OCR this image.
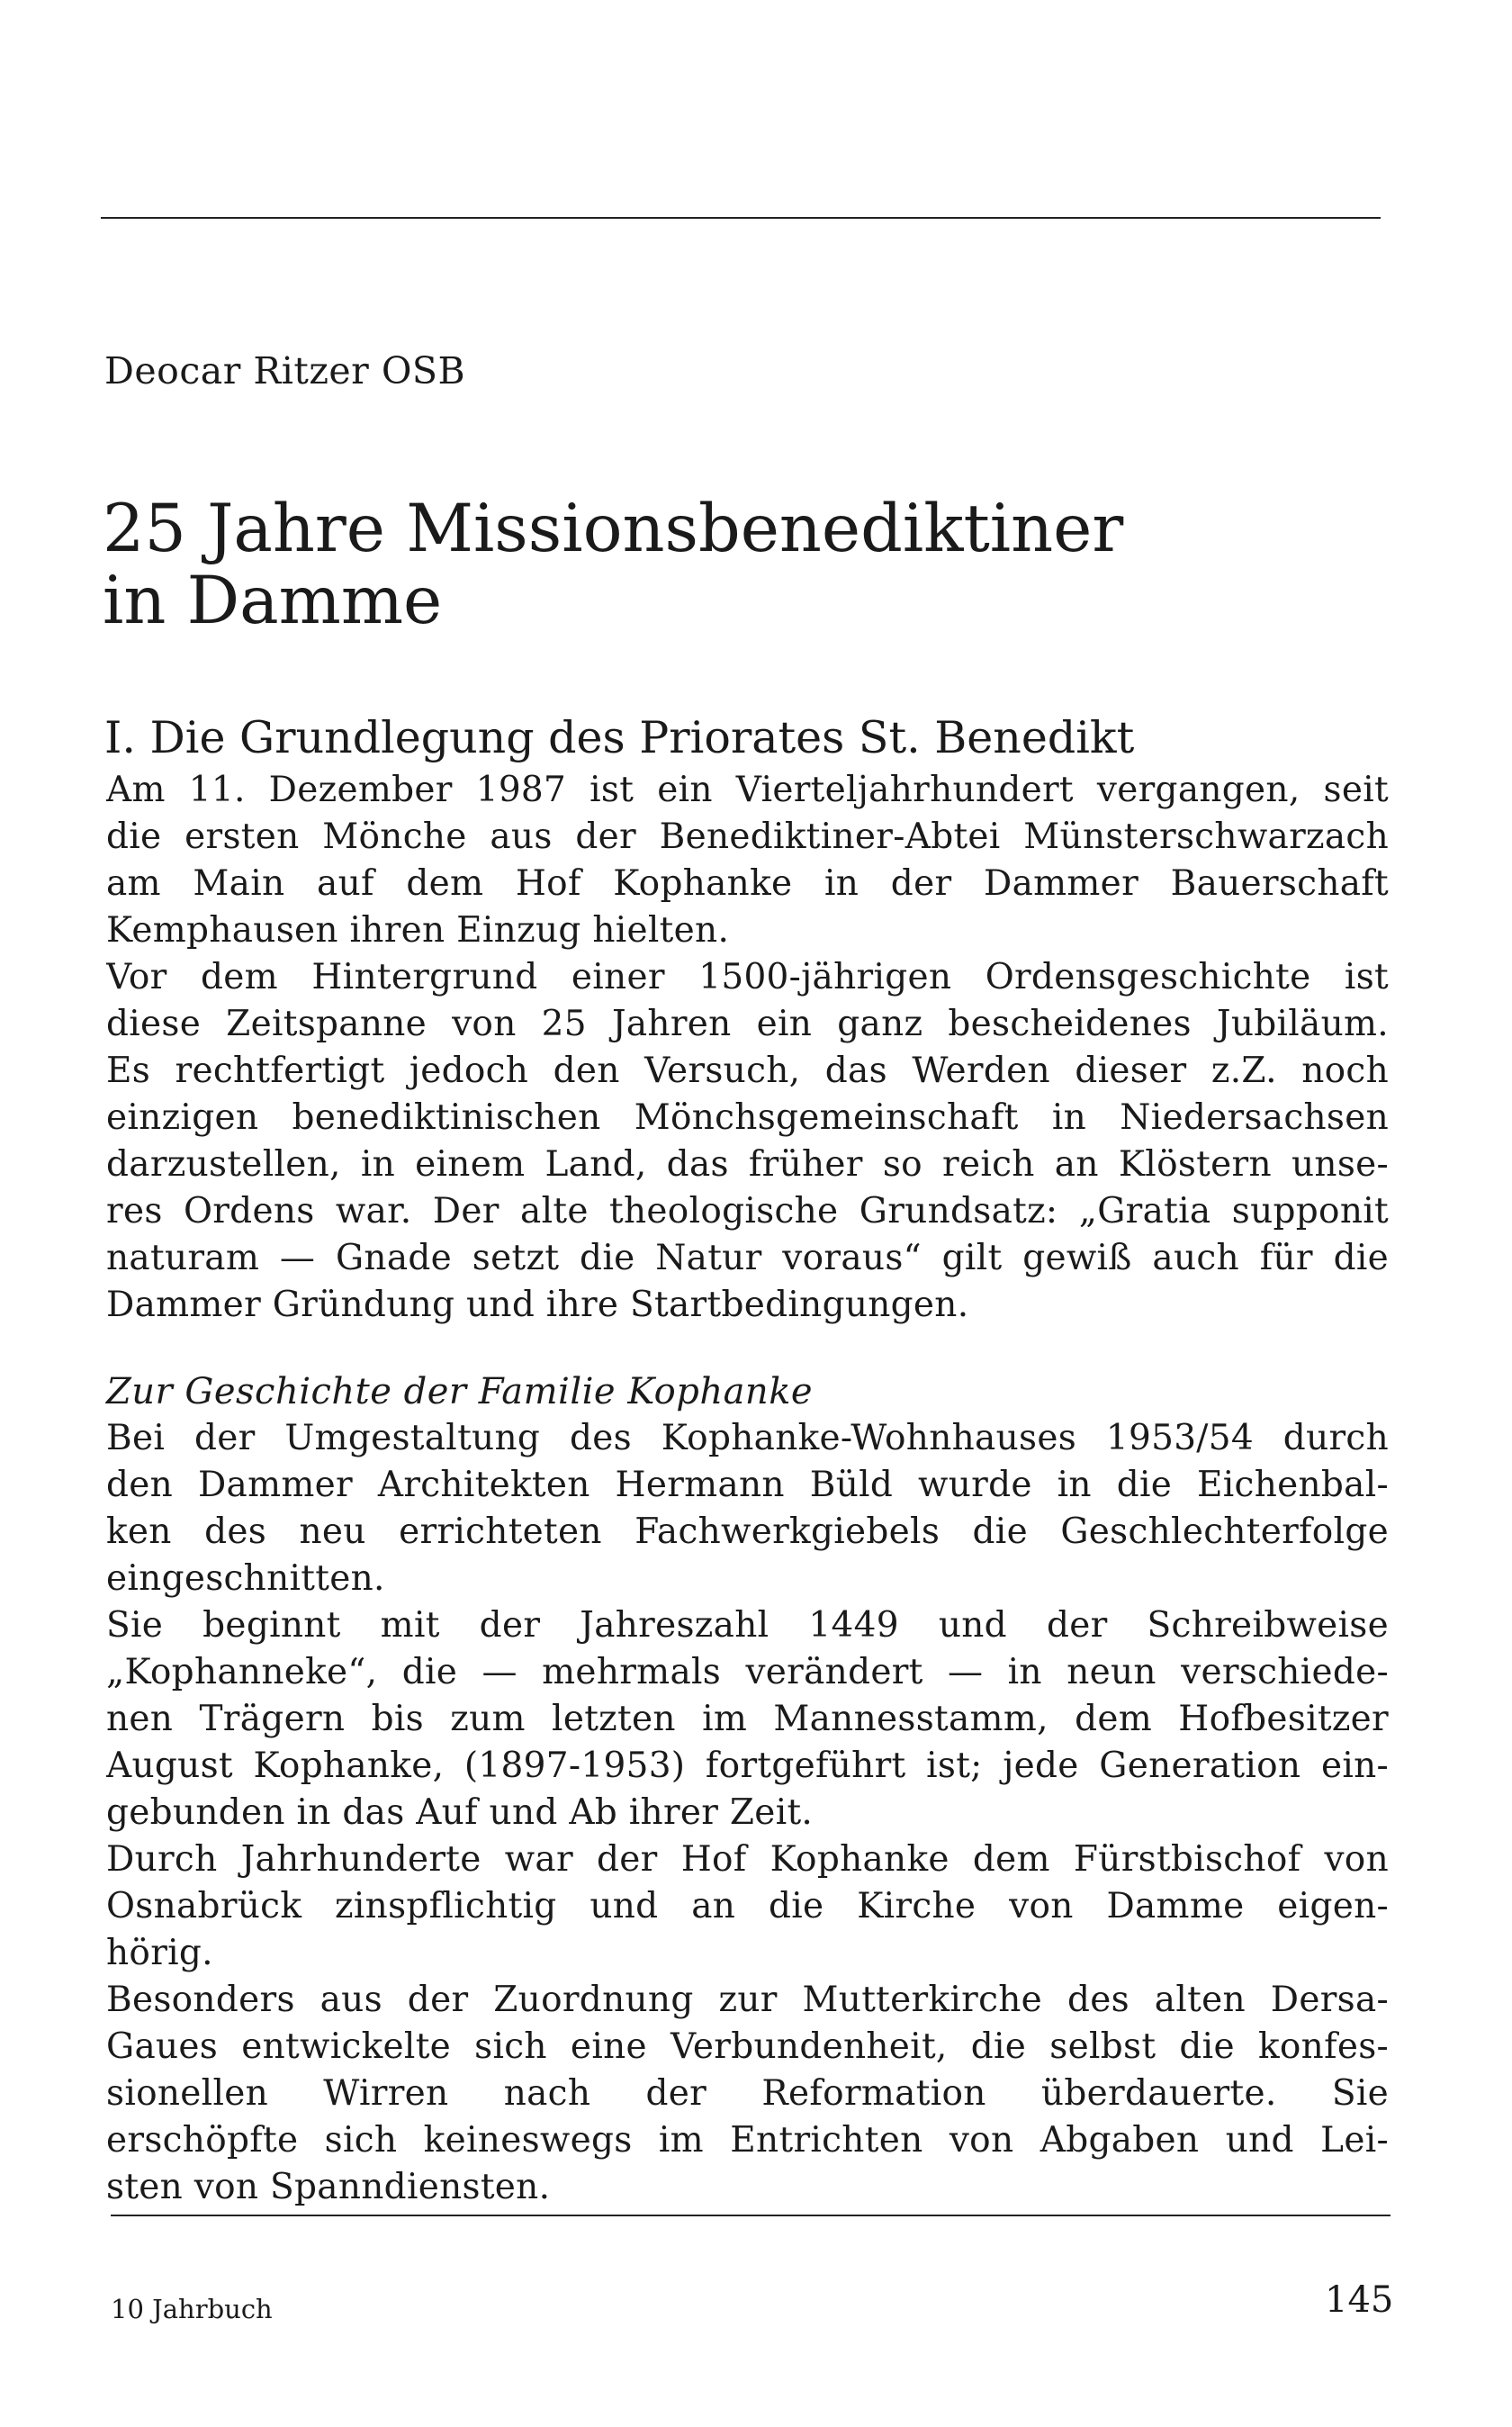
Deocar Ritzer OSB
25 Jahre Missionsbenediktiner
in Damme
I. Die Grundlegung des Priorates St. Benedikt
Am 11. Dezember 1987 ist ein Vierteljahrhundert vergangen, seit
die ersten Mönche aus der Benediktiner-Abtei Münsterschwarzach
am Main auf dem Hof Kophanke in der Dammer Bauerschaft
Kemphausen ihren Einzug hielten.
Vor dem Hintergrund einer 1500-jährigen Ordensgeschichte ist
diese Zeitspanne von 25 Jahren ein ganz bescheidenes Jubiläum.
Es rechtfertigt jedoch den Versuch, das Werden dieser z.Z. noch
einzigen benediktinischen Mönchsgemeinschaft in Niedersachsen
darzustellen, in einem Land, das früher so reich an Klöstern unse-
res Ordens war. Der alte theologische Grundsatz: „Gratia supponit
naturam — Gnade setzt die Natur voraus“ gilt gewiß auch für die
Dammer Gründung und ihre Startbedingungen.
Zur Geschichte der Familie Kophanke
Bei der Umgestaltung des Kophanke-Wohnhauses 1953/54 durch
den Dammer Architekten Hermann Büld wurde in die Eichenbal-
ken des neu errichteten Fachwerkgiebels die Geschlechterfolge
eingeschnitten.
Sie beginnt mit der Jahreszahl 1449 und der Schreibweise
„Kophanneke“, die — mehrmals verändert — in neun verschiede-
nen Trägern bis zum letzten im Mannesstamm, dem Hofbesitzer
August Kophanke, (1897-1953) fortgeführt ist; jede Generation ein-
gebunden in das Auf und Ab ihrer Zeit.
Durch Jahrhunderte war der Hof Kophanke dem Fürstbischof von
Osnabrück zinspflichtig und an die Kirche von Damme eigen-
hörig.
Besonders aus der Zuordnung zur Mutterkirche des alten Dersa-
Gaues entwickelte sich eine Verbundenheit, die selbst die konfes-
sionellen Wirren nach der Reformation überdauerte. Sie
erschöpfte sich keineswegs im Entrichten von Abgaben und Lei-
sten von Spanndiensten.
10 Jahrbuch	145
